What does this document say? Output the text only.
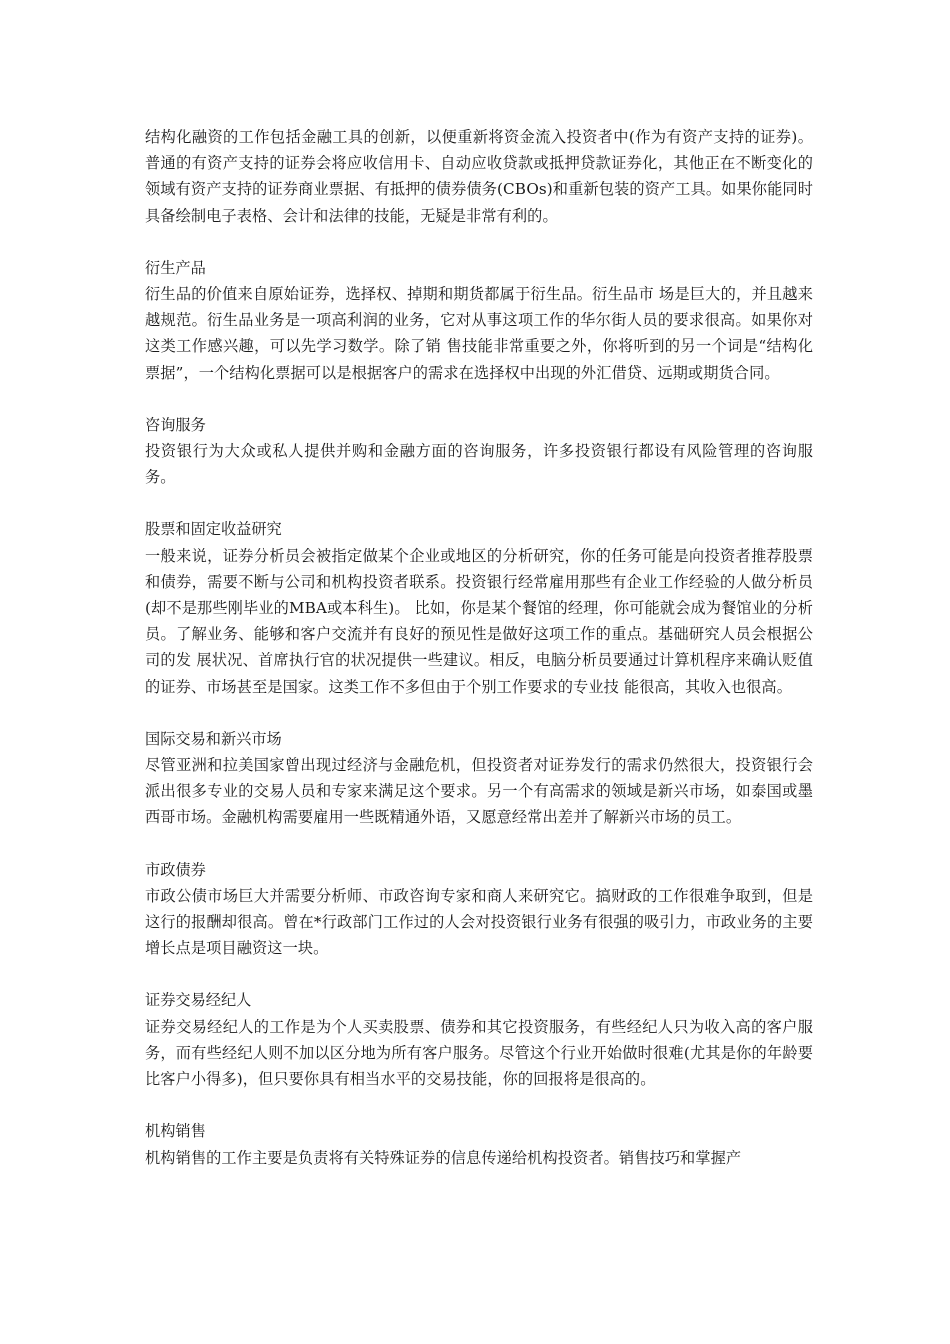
结构化融资的工作包括金融工具的创新，以便重新将资金流入投资者中(作为有资产支持的证券)。普通的有资产支持的证券会将应收信用卡、自动应收贷款或抵押贷款证券化，其他正在不断变化的领域有资产支持的证券商业票据、有抵押的债券债务(CBOs)和重新包装的资产工具。如果你能同时具备绘制电子表格、会计和法律的技能，无疑是非常有利的。

衍生产品

衍生品的价值来自原始证券，选择权、掉期和期货都属于衍生品。衍生品市 场是巨大的，并且越来越规范。衍生品业务是一项高利润的业务，它对从事这项工作的华尔街人员的要求很高。如果你对这类工作感兴趣，可以先学习数学。除了销 售技能非常重要之外，你将听到的另一个词是“结构化票据”，一个结构化票据可以是根据客户的需求在选择权中出现的外汇借贷、远期或期货合同。

咨询服务

投资银行为大众或私人提供并购和金融方面的咨询服务，许多投资银行都设有风险管理的咨询服务。

股票和固定收益研究

一般来说，证券分析员会被指定做某个企业或地区的分析研究，你的任务可能是向投资者推荐股票和债券，需要不断与公司和机构投资者联系。投资银行经常雇用那些有企业工作经验的人做分析员(却不是那些刚毕业的MBA或本科生)。 比如，你是某个餐馆的经理，你可能就会成为餐馆业的分析员。了解业务、能够和客户交流并有良好的预见性是做好这项工作的重点。基础研究人员会根据公司的发 展状况、首席执行官的状况提供一些建议。相反，电脑分析员要通过计算机程序来确认贬值的证券、市场甚至是国家。这类工作不多但由于个别工作要求的专业技 能很高，其收入也很高。

国际交易和新兴市场

尽管亚洲和拉美国家曾出现过经济与金融危机，但投资者对证券发行的需求仍然很大，投资银行会派出很多专业的交易人员和专家来满足这个要求。另一个有高需求的领域是新兴市场，如泰国或墨西哥市场。金融机构需要雇用一些既精通外语，又愿意经常出差并了解新兴市场的员工。

市政债券

市政公债市场巨大并需要分析师、市政咨询专家和商人来研究它。搞财政的工作很难争取到，但是这行的报酬却很高。曾在*行政部门工作过的人会对投资银行业务有很强的吸引力，市政业务的主要增长点是项目融资这一块。

证券交易经纪人

证券交易经纪人的工作是为个人买卖股票、债券和其它投资服务，有些经纪人只为收入高的客户服务，而有些经纪人则不加以区分地为所有客户服务。尽管这个行业开始做时很难(尤其是你的年龄要比客户小得多)，但只要你具有相当水平的交易技能，你的回报将是很高的。

机构销售

机构销售的工作主要是负责将有关特殊证券的信息传递给机构投资者。销售技巧和掌握产
